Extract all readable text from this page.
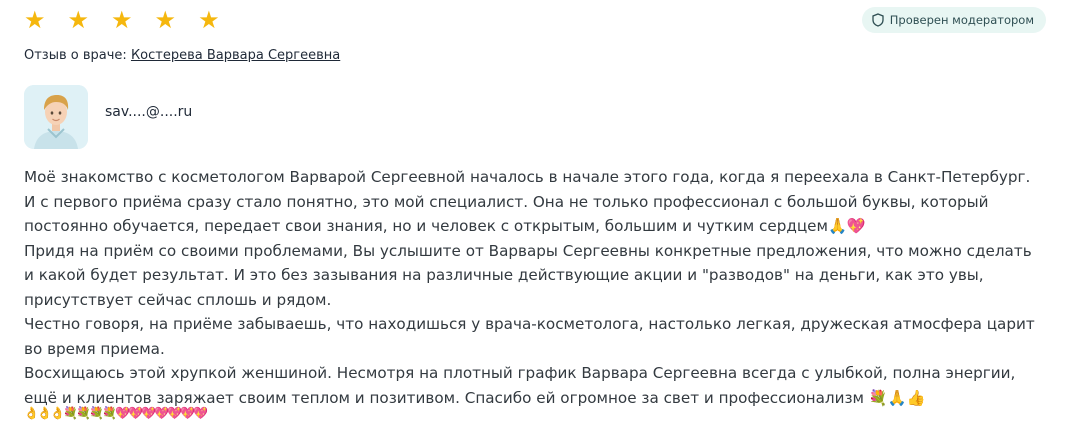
★ ★ ★ ★ ★	Проверен модератором
Отзыв о враче: Костерева Варвара Сергеевна
sav....@....ru

Моё знакомство с косметологом Варварой Сергеевной началось в начале этого года, когда я переехала в Санкт-Петербург. И с первого приёма сразу стало понятно, это мой специалист. Она не только профессионал с большой буквы, который постоянно обучается, передает свои знания, но и человек с открытым, большим и чутким сердцем🙏💖
Придя на приём со своими проблемами, Вы услышите от Варвары Сергеевны конкретные предложения, что можно сделать и какой будет результат. И это без зазывания на различные действующие акции и "разводов" на деньги, как это увы, присутствует сейчас сплошь и рядом.
Честно говоря, на приёме забываешь, что находишься у врача-косметолога, настолько легкая, дружеская атмосфера царит во время приема.
Восхищаюсь этой хрупкой женшиной. Несмотря на плотный график Варвара Сергеевна всегда с улыбкой, полна энергии, ещё и клиентов заряжает своим теплом и позитивом. Спасибо ей огромное за свет и профессионализм 💐🙏👍

👌
👌
👌
💐
💐
💐
💐
💖
💖
💖
💖
💖
💖
💖
